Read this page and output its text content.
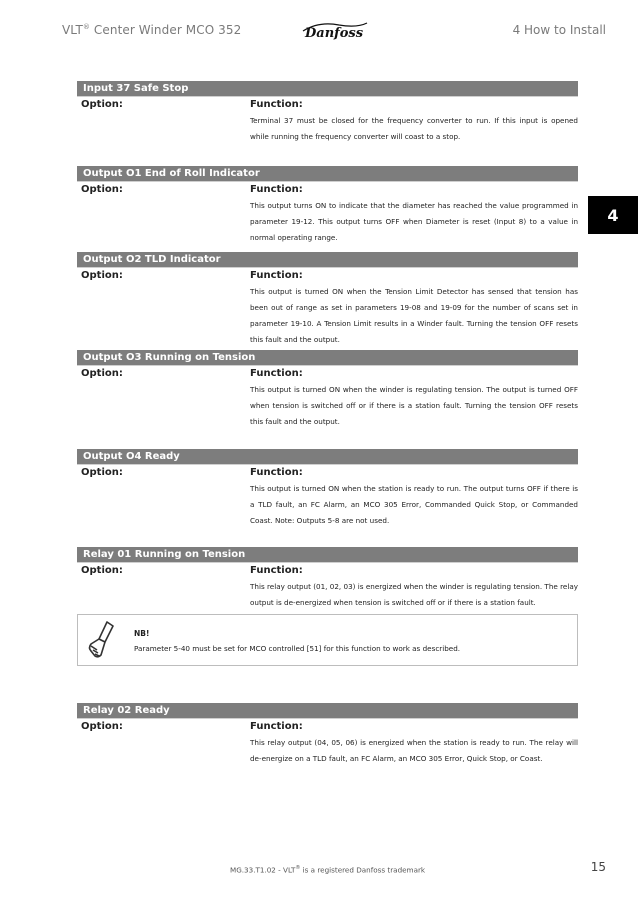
VLT® Center Winder MCO 352	Danfoss	4 How to Install
4
Input 37 Safe Stop
Option:	Function:
Terminal 37 must be closed for the frequency converter to run. If this input is opened while running the frequency converter will coast to a stop.
Output O1 End of Roll Indicator
Option:	Function:
This output turns ON to indicate that the diameter has reached the value programmed in parameter 19-12. This output turns OFF when Diameter is reset (Input 8) to a value in normal operating range.
Output O2 TLD Indicator
Option:	Function:
This output is turned ON when the Tension Limit Detector has sensed that tension has been out of range as set in parameters 19-08 and 19-09 for the number of scans set in parameter 19-10. A Tension Limit results in a Winder fault. Turning the tension OFF resets this fault and the output.
Output O3 Running on Tension
Option:	Function:
This output is turned ON when the winder is regulating tension. The output is turned OFF when tension is switched off or if there is a station fault. Turning the tension OFF resets this fault and the output.
Output O4 Ready
Option:	Function:
This output is turned ON when the station is ready to run. The output turns OFF if there is a TLD fault, an FC Alarm, an MCO 305 Error, Commanded Quick Stop, or Commanded Coast. Note: Outputs 5-8 are not used.
Relay 01 Running on Tension
Option:	Function:
This relay output (01, 02, 03) is energized when the winder is regulating tension. The relay output is de-energized when tension is switched off or if there is a station fault.
NB!
Parameter 5-40 must be set for MCO controlled [51] for this function to work as described.
Relay 02 Ready
Option:	Function:
This relay output (04, 05, 06) is energized when the station is ready to run. The relay will de-energize on a TLD fault, an FC Alarm, an MCO 305 Error, Quick Stop, or Coast.
MG.33.T1.02 - VLT® is a registered Danfoss trademark	15
